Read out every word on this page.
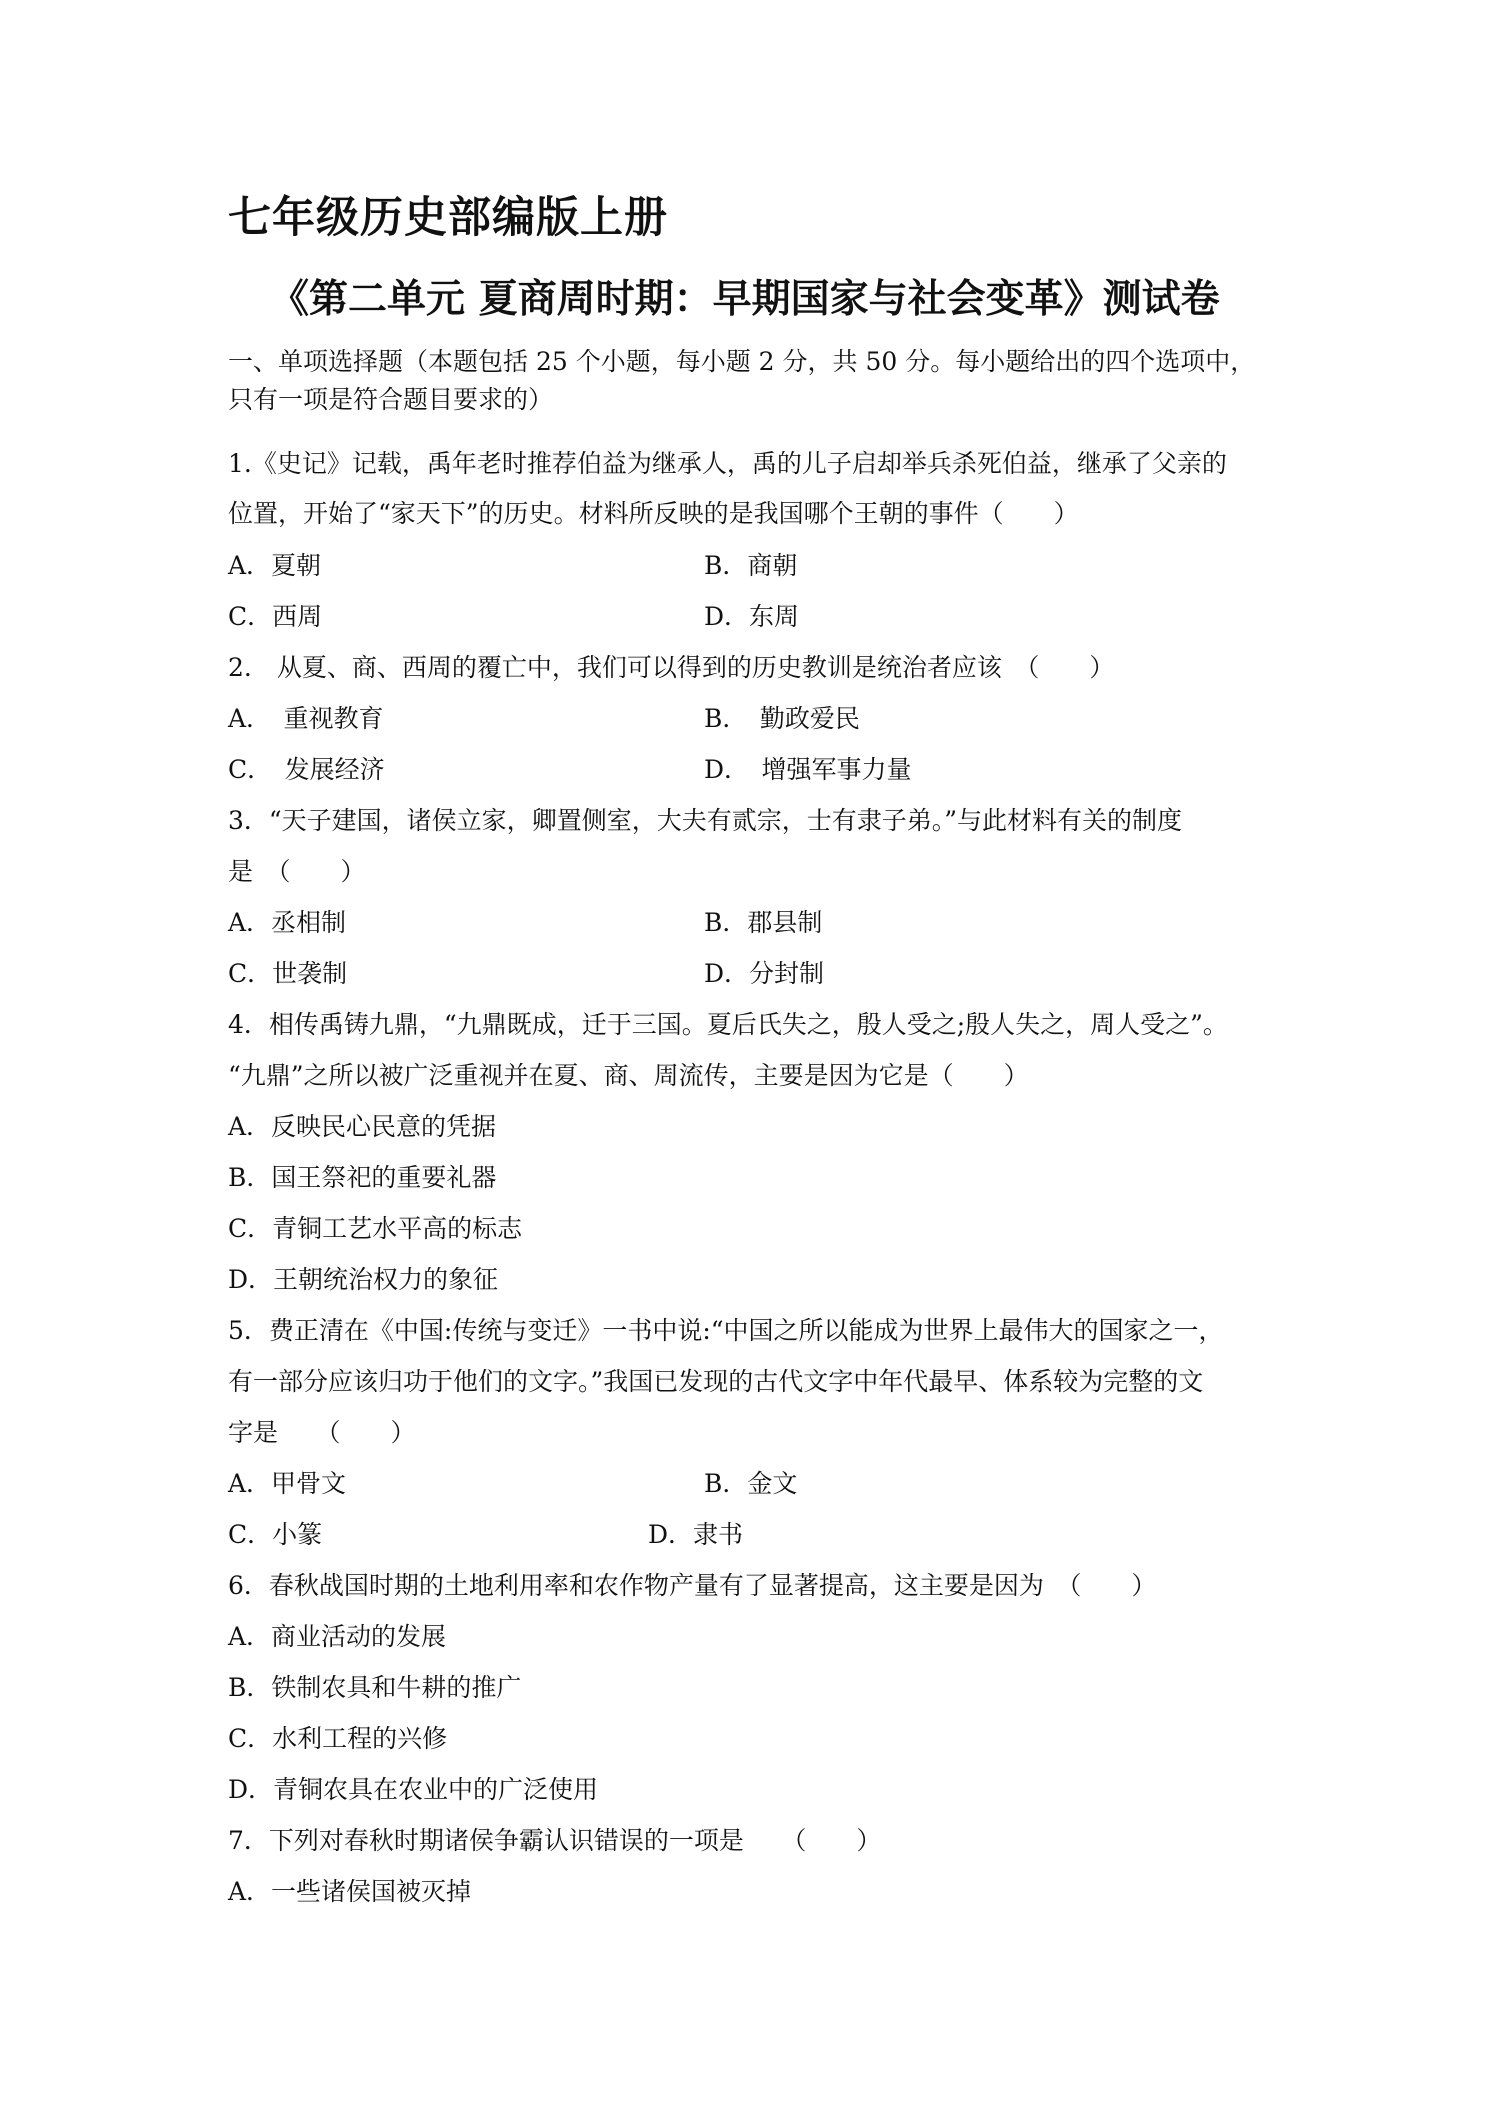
七年级历史部编版上册
《第二单元 夏商周时期：早期国家与社会变革》测试卷
一、单项选择题（本题包括 25 个小题，每小题 2 分，共 50 分。每小题给出的四个选项中，
只有一项是符合题目要求的）
1.《史记》记载，禹年老时推荐伯益为继承人，禹的儿子启却举兵杀死伯益，继承了父亲的
位置，开始了“家天下”的历史。材料所反映的是我国哪个王朝的事件（　　）
A．夏朝	B．商朝
C．西周	D．东周
2.　从夏、商、西周的覆亡中，我们可以得到的历史教训是统治者应该　（　　）
A．　重视教育	B．　勤政爱民
C．　发展经济	D．　增强军事力量
3．“天子建国，诸侯立家，卿置侧室，大夫有贰宗，士有隶子弟。”与此材料有关的制度
是　（　　）
A．丞相制	B．郡县制
C．世袭制	D．分封制
4．相传禹铸九鼎，“九鼎既成，迁于三国。夏后氏失之，殷人受之;殷人失之，周人受之”。
“九鼎”之所以被广泛重视并在夏、商、周流传，主要是因为它是（　　）
A．反映民心民意的凭据
B．国王祭祀的重要礼器
C．青铜工艺水平高的标志
D．王朝统治权力的象征
5．费正清在《中国:传统与变迁》一书中说:“中国之所以能成为世界上最伟大的国家之一，
有一部分应该归功于他们的文字。”我国已发现的古代文字中年代最早、体系较为完整的文
字是　　（　　）
A．甲骨文	B．金文
C．小篆	D．隶书
6．春秋战国时期的土地利用率和农作物产量有了显著提高，这主要是因为　（　　）
A．商业活动的发展
B．铁制农具和牛耕的推广
C．水利工程的兴修
D．青铜农具在农业中的广泛使用
7．下列对春秋时期诸侯争霸认识错误的一项是　　（　　）
A．一些诸侯国被灭掉
